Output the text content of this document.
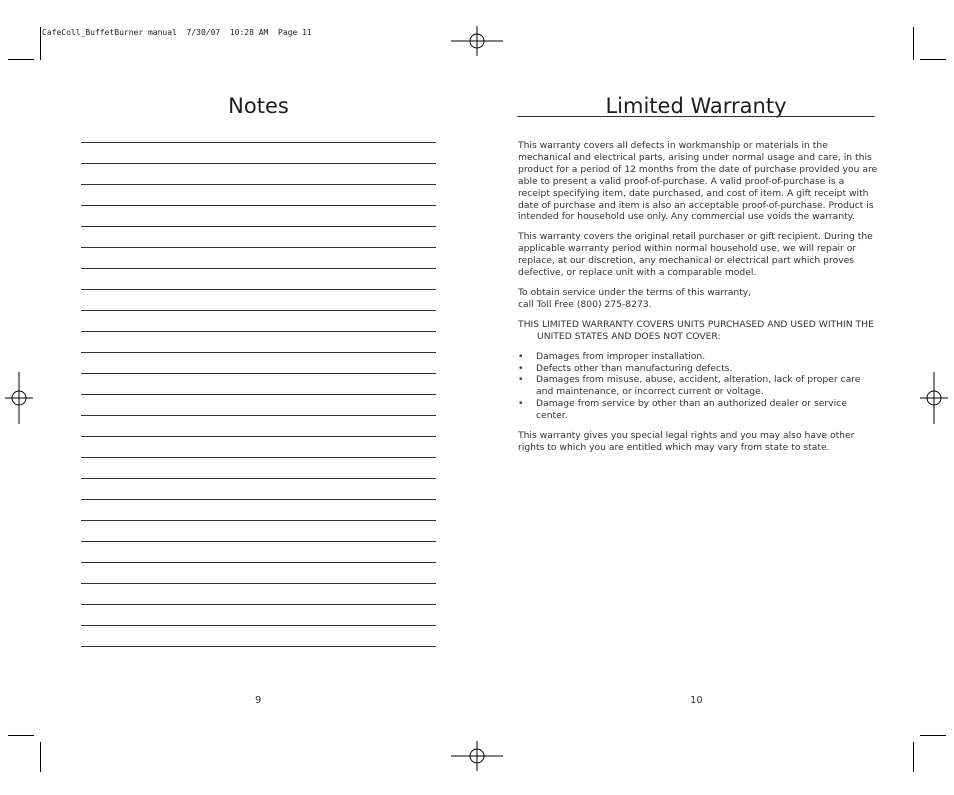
CafeColl_BuffetBurner manual  7/30/07  10:28 AM  Page 11
Notes
9
Limited Warranty

This warranty covers all defects in workmanship or materials in the mechanical and electrical parts, arising under normal usage and care, in this product for a period of 12 months from the date of purchase provided you are able to present a valid proof-of-purchase. A valid proof-of-purchase is a receipt specifying item, date purchased, and cost of item. A gift receipt with date of purchase and item is also an acceptable proof-of-purchase. Product is intended for household use only. Any commercial use voids the warranty.

This warranty covers the original retail purchaser or gift recipient. During the applicable warranty period within normal household use, we will repair or replace, at our discretion, any mechanical or electrical part which proves defective, or replace unit with a comparable model.

To obtain service under the terms of this warranty,
call Toll Free (800) 275-8273.

THIS LIMITED WARRANTY COVERS UNITS PURCHASED AND USED WITHIN THE UNITED STATES AND DOES NOT COVER:

• Damages from improper installation.
• Defects other than manufacturing defects.
• Damages from misuse, abuse, accident, alteration, lack of proper care and maintenance, or incorrect current or voltage.
• Damage from service by other than an authorized dealer or service center.

This warranty gives you special legal rights and you may also have other rights to which you are entitled which may vary from state to state.

10
